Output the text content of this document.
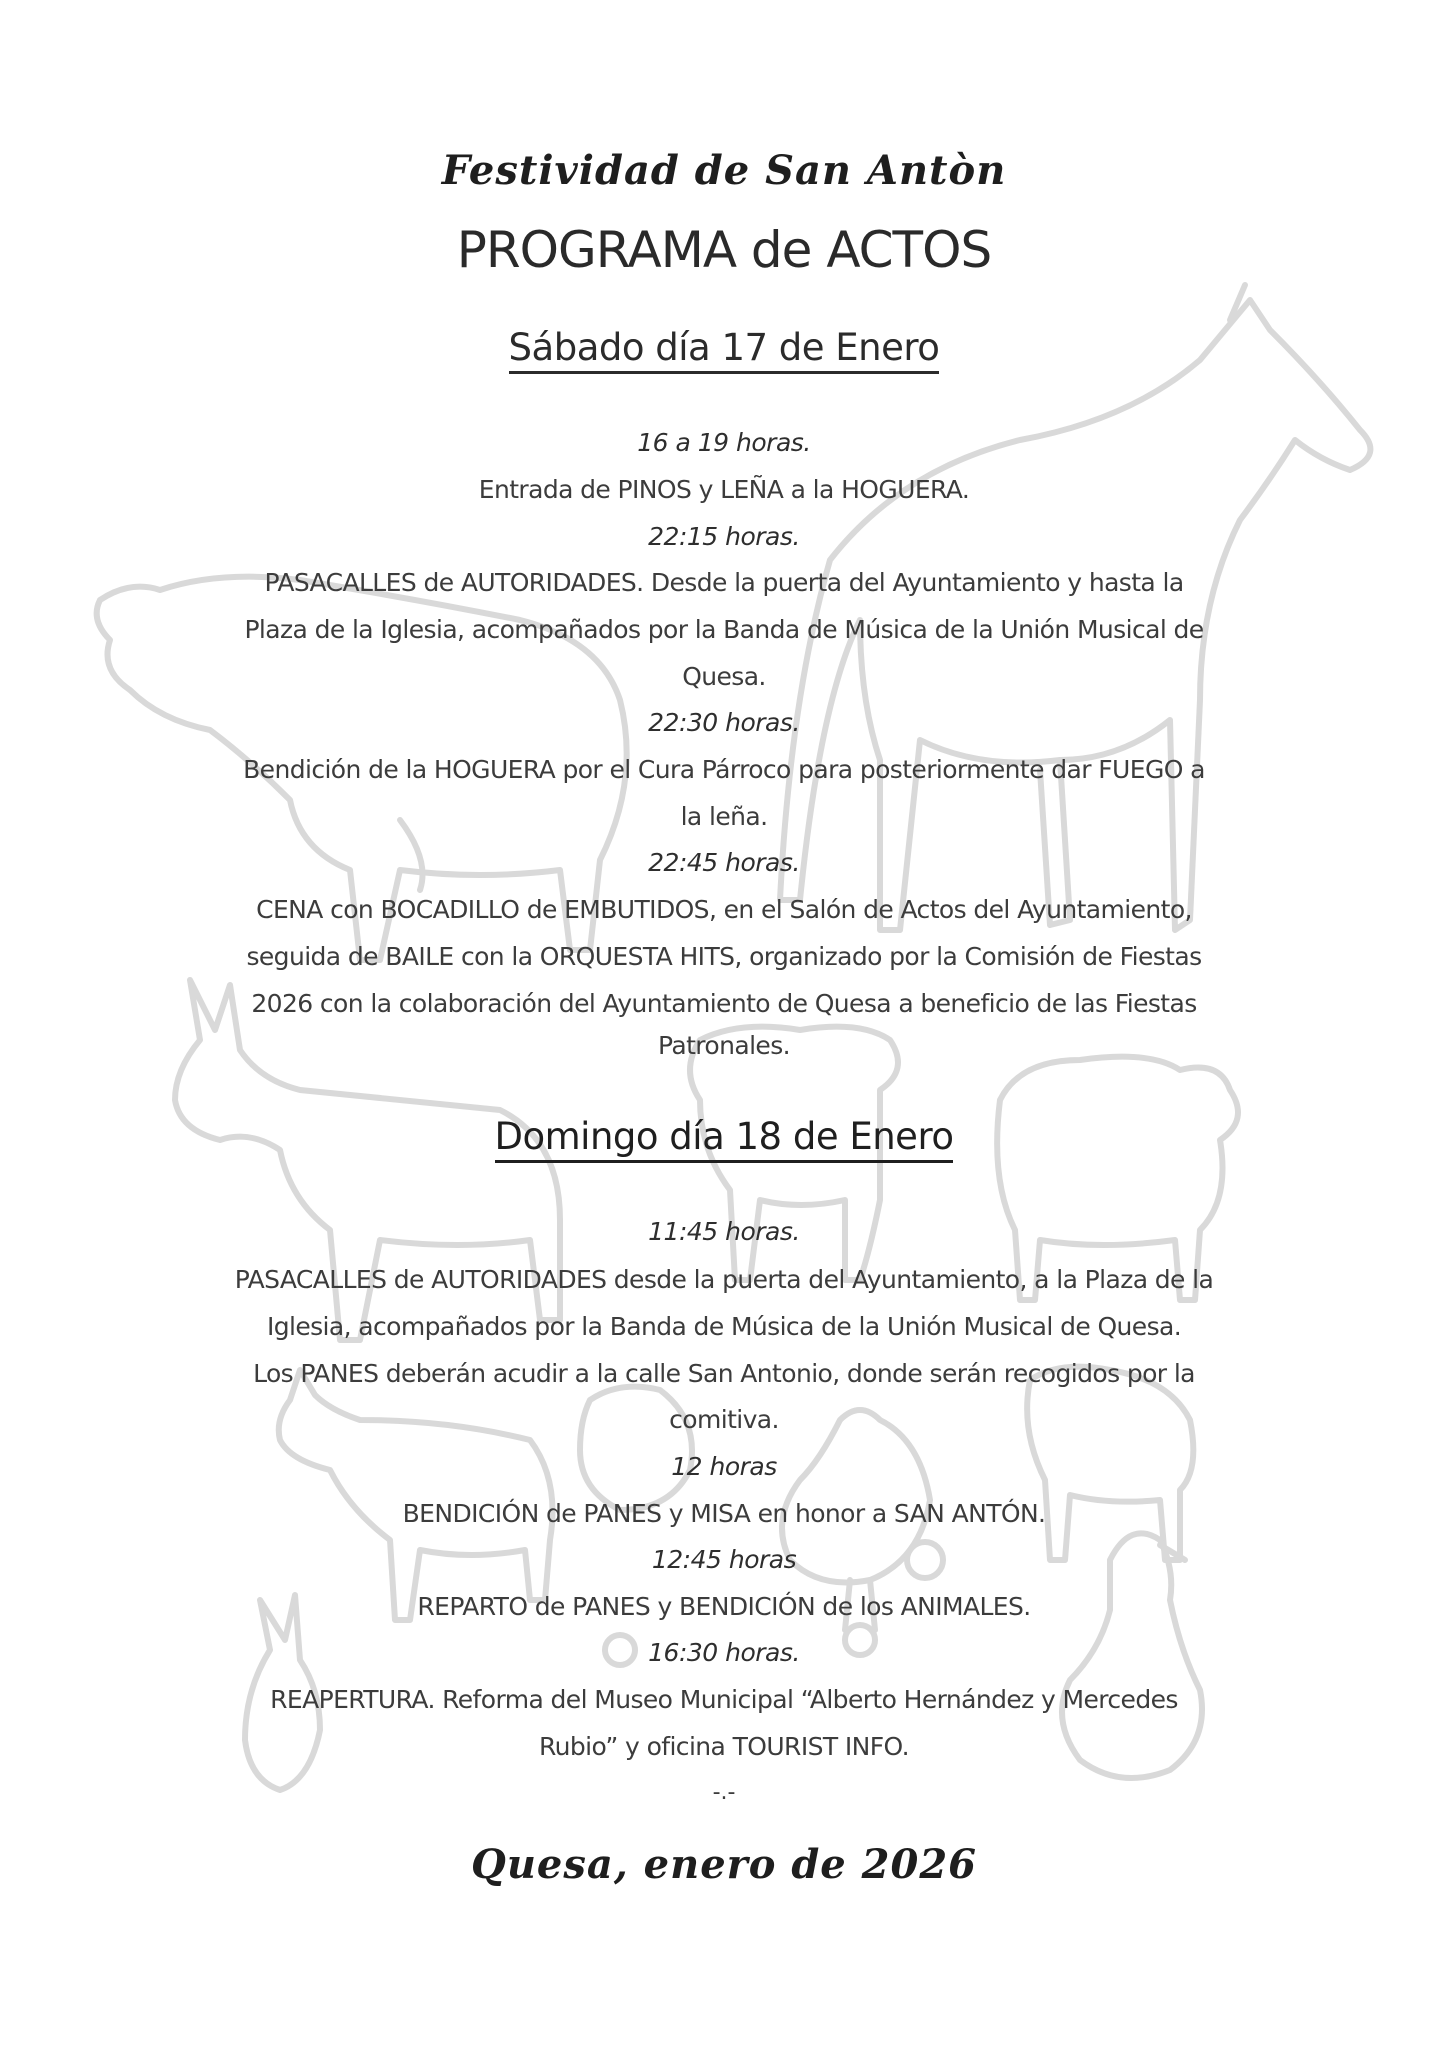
Festividad de San Antòn
PROGRAMA de ACTOS
Sábado día 17 de Enero
16 a 19 horas.
Entrada de PINOS y LEÑA a la HOGUERA.
22:15 horas.
PASACALLES de AUTORIDADES. Desde la puerta del Ayuntamiento y hasta la
Plaza de la Iglesia, acompañados por la Banda de Música de la Unión Musical de
Quesa.
22:30 horas.
Bendición de la HOGUERA por el Cura Párroco para posteriormente dar FUEGO a
la leña.
22:45 horas.
CENA con BOCADILLO de EMBUTIDOS, en el Salón de Actos del Ayuntamiento,
seguida de BAILE con la ORQUESTA HITS, organizado por la Comisión de Fiestas
2026 con la colaboración del Ayuntamiento de Quesa a beneficio de las Fiestas
Patronales.
Domingo día 18 de Enero
11:45 horas.
PASACALLES de AUTORIDADES desde la puerta del Ayuntamiento, a la Plaza de la
Iglesia, acompañados por la Banda de Música de la Unión Musical de Quesa.
Los PANES deberán acudir a la calle San Antonio, donde serán recogidos por la
comitiva.
12 horas
BENDICIÓN de PANES y MISA en honor a SAN ANTÓN.
12:45 horas
REPARTO de PANES y BENDICIÓN de los ANIMALES.
16:30 horas.
REAPERTURA. Reforma del Museo Municipal “Alberto Hernández y Mercedes
Rubio” y oficina TOURIST INFO.
-.-
Quesa, enero de 2026
